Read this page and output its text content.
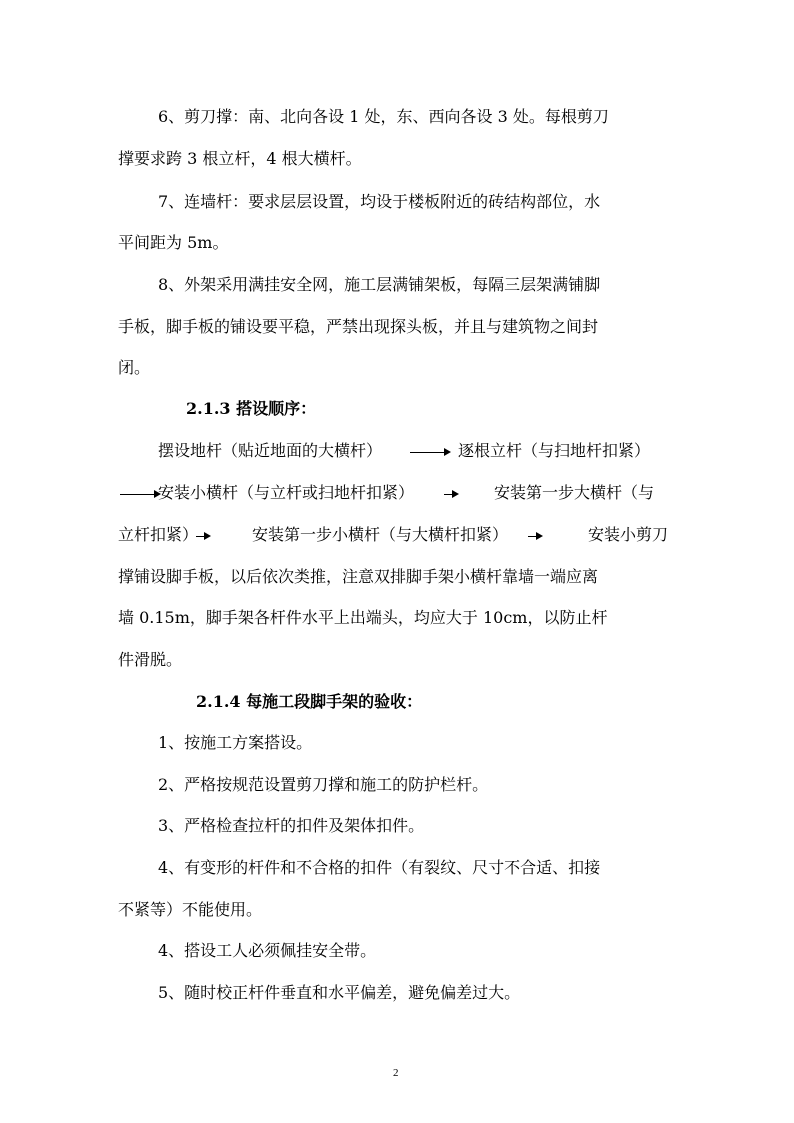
6、剪刀撑：南、北向各设 1 处，东、西向各设 3 处。每根剪刀
撑要求跨 3 根立杆，4 根大横杆。
7、连墙杆：要求层层设置，均设于楼板附近的砖结构部位，水
平间距为 5m。
8、外架采用满挂安全网，施工层满铺架板，每隔三层架满铺脚
手板，脚手板的铺设要平稳，严禁出现探头板，并且与建筑物之间封
闭。
2.1.3 搭设顺序：
摆设地杆（贴近地面的大横杆）	逐根立杆（与扫地杆扣紧）
安装小横杆（与立杆或扫地杆扣紧）	安装第一步大横杆（与
立杆扣紧）	安装第一步小横杆（与大横杆扣紧）	安装小剪刀
撑铺设脚手板，以后依次类推，注意双排脚手架小横杆靠墙一端应离
墙 0.15m，脚手架各杆件水平上出端头，均应大于 10cm，以防止杆
件滑脱。
2.1.4 每施工段脚手架的验收：
1、按施工方案搭设。
2、严格按规范设置剪刀撑和施工的防护栏杆。
3、严格检查拉杆的扣件及架体扣件。
4、有变形的杆件和不合格的扣件（有裂纹、尺寸不合适、扣接
不紧等）不能使用。
4、搭设工人必须佩挂安全带。
5、随时校正杆件垂直和水平偏差，避免偏差过大。
2
